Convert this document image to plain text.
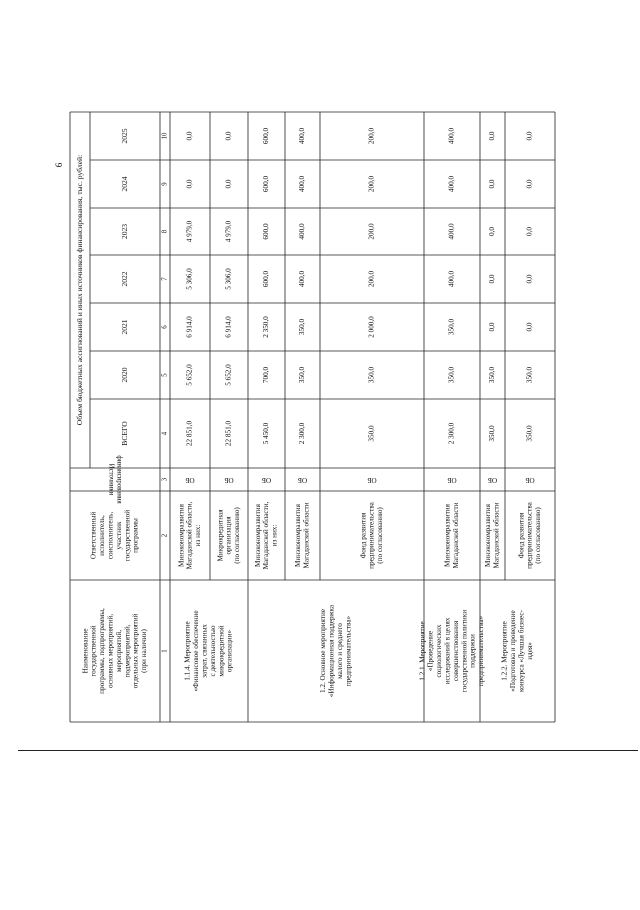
Наименование государственной программы, подпрограммы, основных мероприятий, мероприятий, подмероприятий, отдельных мероприятий (при наличии)
Ответственный исполнитель, соисполнитель, участник государственной программы
Источники финансирования
Объем бюджетных ассигнований и иных источников финансирования, тыс. рублей:
ВСЕГО
2020
2021
2022
2023
2024
2025
1
2
3
4
5
6
7
8
9
10
1.1.4. Мероприятие «Финансовое обеспечение затрат, связанных с деятельностью микрокредитной организации»
Минэкономразвития Магаданской области, из них:
ОБ
22 851,0
5 652,0
6 914,0
5 306,0
4 979,0
0,0
0,0
Микрокредитная организация (по согласованию)
ОБ
22 851,0
5 652,0
6 914,0
5 306,0
4 979,0
0,0
0,0
1.2. Основное мероприятие «Информационная поддержка малого и среднего предпринимательства»
Минэкономразвития Магаданской области, из них:
ОБ
5 450,0
700,0
2 350,0
600,0
600,0
600,0
600,0
Минэкономразвития Магаданской области
ОБ
2 300,0
350,0
350,0
400,0
400,0
400,0
400,0
Фонд развития предпринимательства (по согласованию)
ОБ
350,0
350,0
2 000,0
200,0
200,0
200,0
200,0
1.2.1. Мероприятие «Проведение социологических исследований в целях совершенствования государственной политики поддержки предпринимательства»
Минэкономразвития Магаданской области
ОБ
2 300,0
350,0
350,0
400,0
400,0
400,0
400,0
1.2.2. Мероприятие «Подготовка и проведение конкурса «Лучшая бизнес- идея»
Минэкономразвития Магаданской области
ОБ
350,0
350,0
0,0
0,0
0,0
0,0
0,0
Фонд развития предпринимательства (по согласованию)
ОБ
350,0
350,0
0,0
0,0
0,0
0,0
0,0
6
